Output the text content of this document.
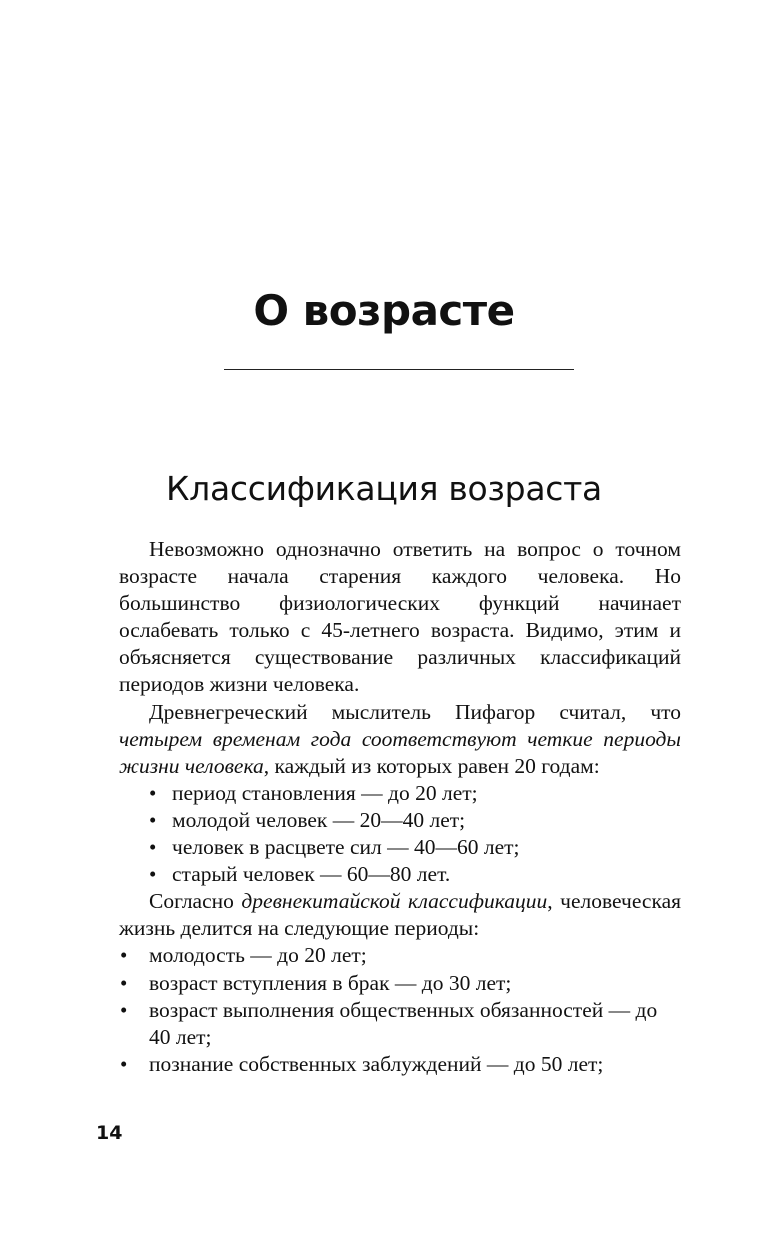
О возрасте
Классификация возраста

Невозможно однозначно ответить на вопрос о точном возрасте начала старения каждого человека. Но большинство физиологических функций начинает ослабевать только с 45-летнего возраста. Видимо, этим и объясняется существование различных классификаций периодов жизни человека.

Древнегреческий мыслитель Пифагор считал, что четырем временам года соответствуют четкие периоды жизни человека, каждый из которых равен 20 годам:

• период становления — до 20 лет;
• молодой человек — 20—40 лет;
• человек в расцвете сил — 40—60 лет;
• старый человек — 60—80 лет.

Согласно древнекитайской классификации, человеческая жизнь делится на следующие периоды:

• молодость — до 20 лет;
• возраст вступления в брак — до 30 лет;
• возраст выполнения общественных обязанностей — до 40 лет;
• познание собственных заблуждений — до 50 лет;
14
